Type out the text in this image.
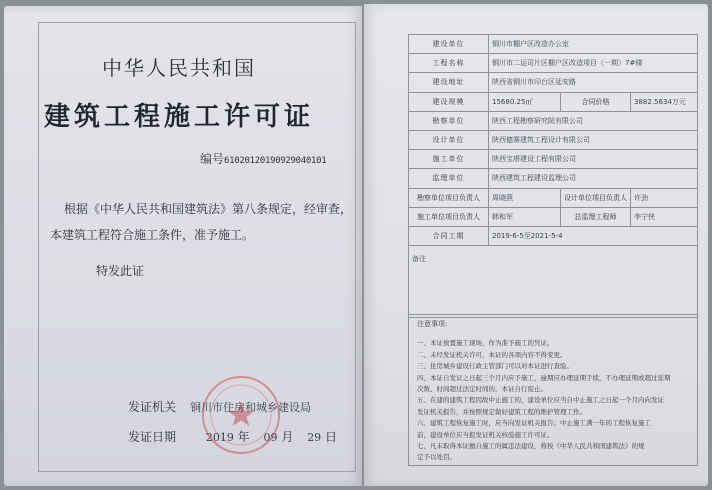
中华人民共和国
建筑工程施工许可证
编号61020120190929040101
根据《中华人民共和国建筑法》第八条规定，经审查，
本建筑工程符合施工条件，准予施工。
特发此证
发证机关 铜川市住房和城乡建设局
发证日期	2019 年 09 月 29 日
建设单位	铜川市棚户区改造办公室		
工程名称	铜川市二运司片区棚户区改造项目（一期）7#楼		
建设地址	陕西省铜川市印台区延安路		
建设规模	15680.25㎡	合同价格	3882.5634万元
勘察单位	陕西工程勘察研究院有限公司		
设计单位	陕西德赛建筑工程设计有限公司		
施工单位	陕西宝塔建设工程有限公司		
监理单位	陕西建筑工程建设监理公司		
勘察单位项目负责人	周晓燕	设计单位项目负责人	许劲
施工单位项目负责人	韩和军	总监理工程师	李宁侠
合同工期	2019-6-5至2021-5-4		
备注			
注意事项:
一、本证放置施工现场，作为准予施工的凭证。
二、未经发证机关许可，本证的各项内容不得变更。
三、住房城乡建设行政主管部门可以对本证进行查验。
四、本证自发证之日起三个月内应予施工，逾期应办理延期手续，不办理延期或超过延期
次数、时间超过法定时间的，本证自行废止。
五、在建的建筑工程因故中止施工的，建设单位应当自中止施工之日起一个月内向发证
发证机关报告，并按照规定做好建筑工程的维护管理工作。
六、建筑工程恢复施工时，应当向发证机关报告；中止施工满一年的工程恢复施工
前，建设单位应当报发证机关核验施工许可证。
七、凡未取得本证擅自施工的属违法建设，将按《中华人民共和国建筑法》的规
定予以处罚。
